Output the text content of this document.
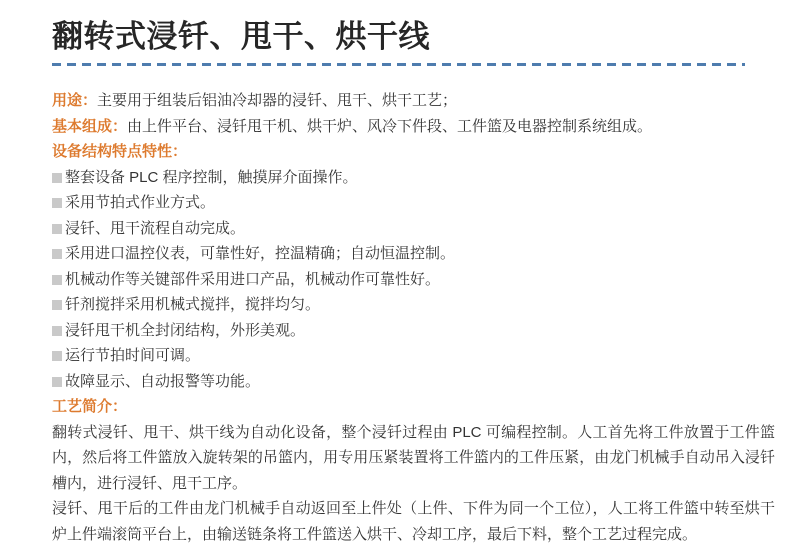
翻转式浸钎、甩干、烘干线

用途：主要用于组装后铝油冷却器的浸钎、甩干、烘干工艺；

基本组成：由上件平台、浸钎甩干机、烘干炉、风冷下件段、工件篮及电器控制系统组成。

设备结构特点特性：

整套设备 PLC 程序控制，触摸屏介面操作。
采用节拍式作业方式。
浸钎、甩干流程自动完成。
采用进口温控仪表，可靠性好，控温精确；自动恒温控制。
机械动作等关键部件采用进口产品，机械动作可靠性好。
钎剂搅拌采用机械式搅拌，搅拌均匀。
浸钎甩干机全封闭结构，外形美观。
运行节拍时间可调。
故障显示、自动报警等功能。

工艺简介：

翻转式浸钎、甩干、烘干线为自动化设备，整个浸钎过程由 PLC 可编程控制。人工首先将工件放置于工件篮内，然后将工件篮放入旋转架的吊篮内，用专用压紧装置将工件篮内的工件压紧，由龙门机械手自动吊入浸钎槽内，进行浸钎、甩干工序。

浸钎、甩干后的工件由龙门机械手自动返回至上件处（上件、下件为同一个工位），人工将工件篮中转至烘干炉上件端滚筒平台上，由输送链条将工件篮送入烘干、冷却工序，最后下料，整个工艺过程完成。
